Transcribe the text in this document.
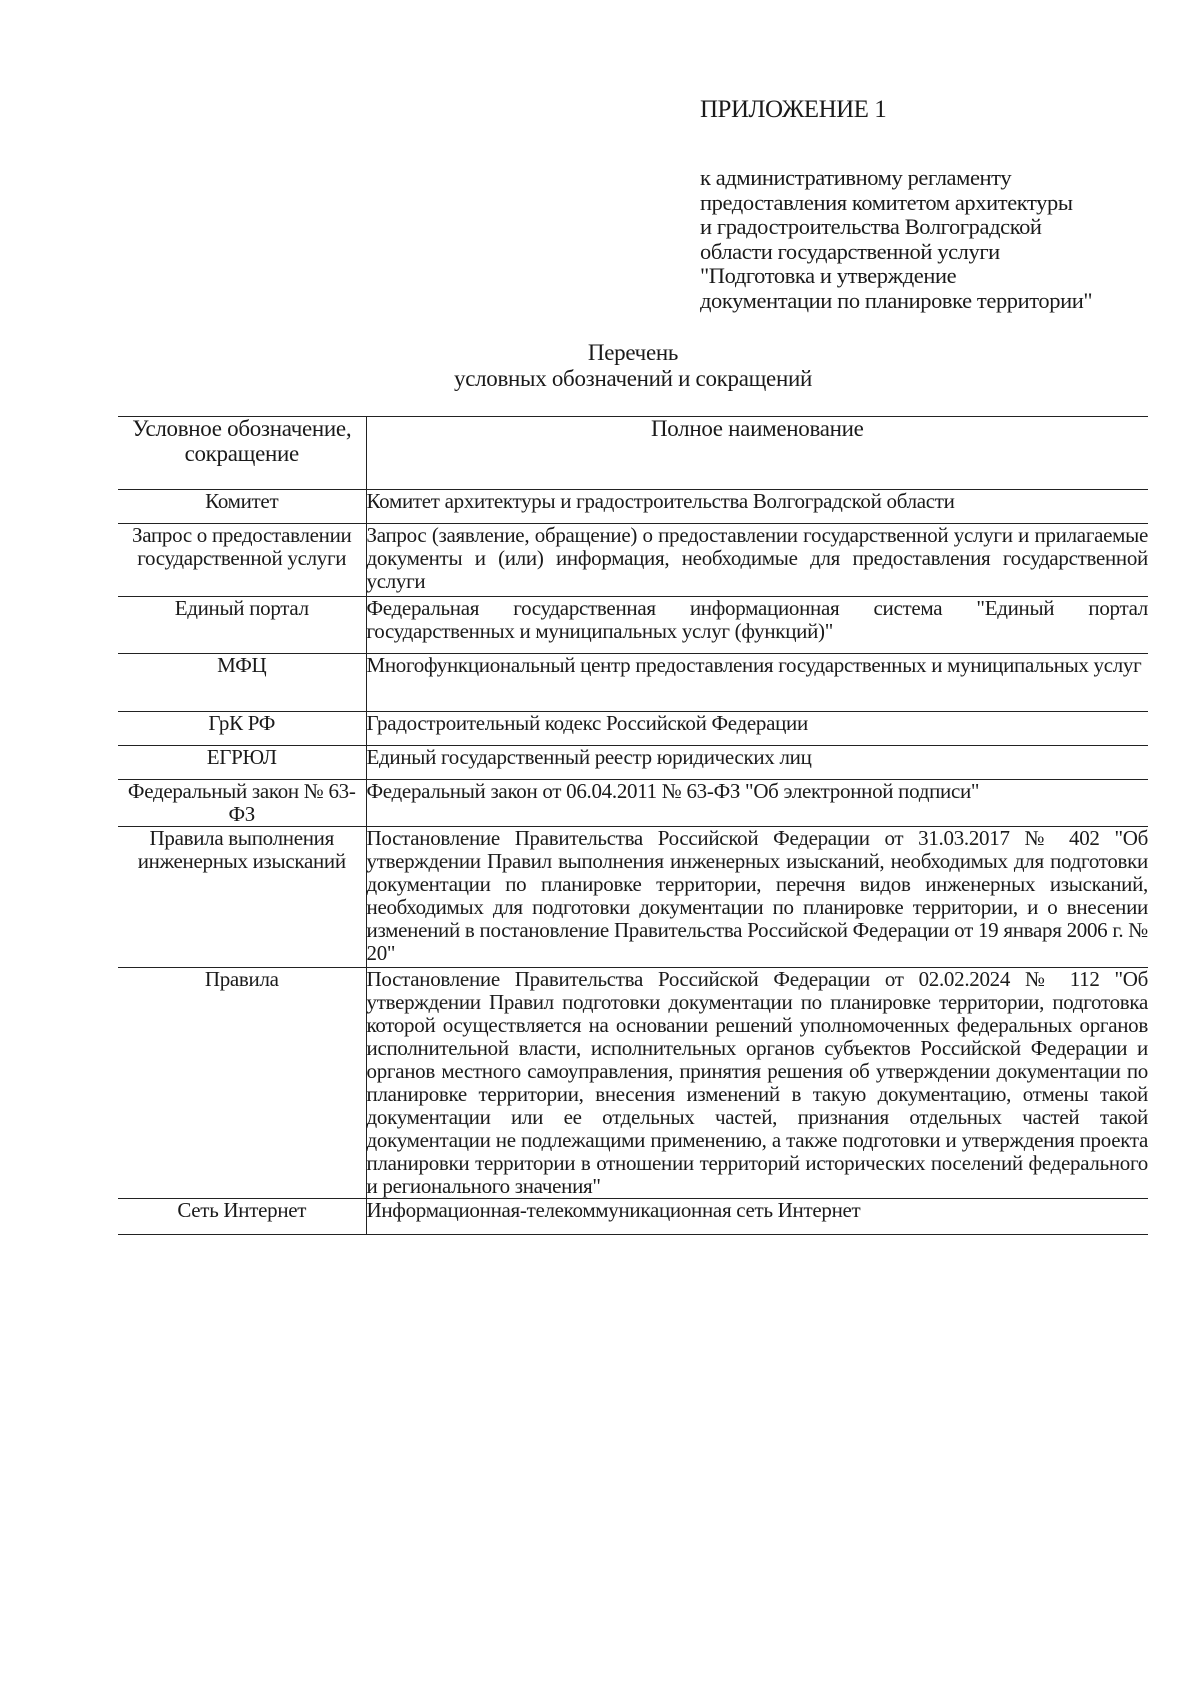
ПРИЛОЖЕНИЕ 1
к административному регламенту
предоставления комитетом архитектуры
и градостроительства Волгоградской
области государственной услуги
"Подготовка и утверждение
документации по планировке территории"
Перечень
условных обозначений и сокращений
Условное обозначение, сокращение	Полное наименование
Комитет	Комитет архитектуры и градостроительства Волгоградской области
Запрос о предоставлении государственной услуги	Запрос (заявление, обращение) о предоставлении государственной услуги и прилагаемые документы и (или) информация, необходимые для предоставления государственной услуги
Единый портал	Федеральная государственная информационная система "Единый портал государственных и муниципальных услуг (функций)"
МФЦ	Многофункциональный центр предоставления государственных и муниципальных услуг
ГрК РФ	Градостроительный кодекс Российской Федерации
ЕГРЮЛ	Единый государственный реестр юридических лиц
Федеральный закон № 63-ФЗ	Федеральный закон от 06.04.2011 № 63-ФЗ "Об электронной подписи"
Правила выполнения инженерных изысканий	Постановление Правительства Российской Федерации от 31.03.2017 № 402 "Об утверждении Правил выполнения инженерных изысканий, необходимых для подготовки документации по планировке территории, перечня видов инженерных изысканий, необходимых для подготовки документации по планировке территории, и о внесении изменений в постановление Правительства Российской Федерации от 19 января 2006 г. № 20"
Правила	Постановление Правительства Российской Федерации от 02.02.2024 № 112 "Об утверждении Правил подготовки документации по планировке территории, подготовка которой осуществляется на основании решений уполномоченных федеральных органов исполнительной власти, исполнительных органов субъектов Российской Федерации и органов местного самоуправления, принятия решения об утверждении документации по планировке территории, внесения изменений в такую документацию, отмены такой документации или ее отдельных частей, признания отдельных частей такой документации не подлежащими применению, а также подготовки и утверждения проекта планировки территории в отношении территорий исторических поселений федерального и регионального значения"
Сеть Интернет	Информационная-телекоммуникационная сеть Интернет
